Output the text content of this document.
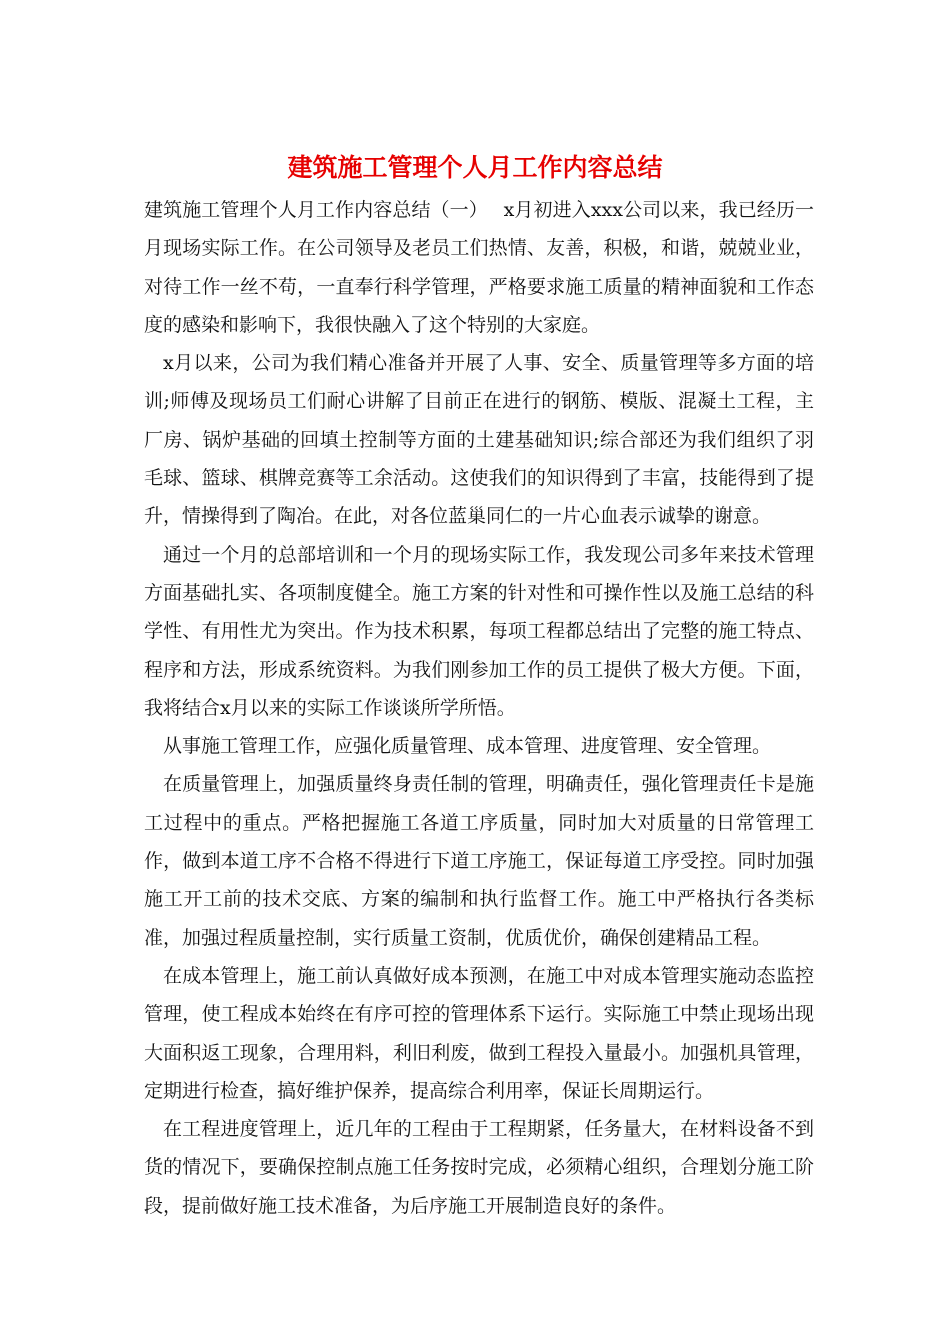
建筑施工管理个人月工作内容总结

建筑施工管理个人月工作内容总结（一）　 x月初进入xxx公司以来，我已经历一月现场实际工作。在公司领导及老员工们热情、友善，积极，和谐，兢兢业业，对待工作一丝不苟，一直奉行科学管理，严格要求施工质量的精神面貌和工作态度的感染和影响下，我很快融入了这个特别的大家庭。

x月以来，公司为我们精心准备并开展了人事、安全、质量管理等多方面的培训;师傅及现场员工们耐心讲解了目前正在进行的钢筋、模版、混凝土工程，主厂房、锅炉基础的回填土控制等方面的土建基础知识;综合部还为我们组织了羽毛球、篮球、棋牌竞赛等工余活动。这使我们的知识得到了丰富，技能得到了提升，情操得到了陶冶。在此，对各位蓝巢同仁的一片心血表示诚挚的谢意。

通过一个月的总部培训和一个月的现场实际工作，我发现公司多年来技术管理方面基础扎实、各项制度健全。施工方案的针对性和可操作性以及施工总结的科学性、有用性尤为突出。作为技术积累，每项工程都总结出了完整的施工特点、程序和方法，形成系统资料。为我们刚参加工作的员工提供了极大方便。下面，我将结合x月以来的实际工作谈谈所学所悟。

从事施工管理工作，应强化质量管理、成本管理、进度管理、安全管理。

在质量管理上，加强质量终身责任制的管理，明确责任，强化管理责任卡是施工过程中的重点。严格把握施工各道工序质量，同时加大对质量的日常管理工作，做到本道工序不合格不得进行下道工序施工，保证每道工序受控。同时加强施工开工前的技术交底、方案的编制和执行监督工作。施工中严格执行各类标准，加强过程质量控制，实行质量工资制，优质优价，确保创建精品工程。

在成本管理上，施工前认真做好成本预测，在施工中对成本管理实施动态监控管理，使工程成本始终在有序可控的管理体系下运行。实际施工中禁止现场出现大面积返工现象，合理用料，利旧利废，做到工程投入量最小。加强机具管理，定期进行检查，搞好维护保养，提高综合利用率，保证长周期运行。

在工程进度管理上，近几年的工程由于工程期紧，任务量大，在材料设备不到货的情况下，要确保控制点施工任务按时完成，必须精心组织，合理划分施工阶段，提前做好施工技术准备，为后序施工开展制造良好的条件。
